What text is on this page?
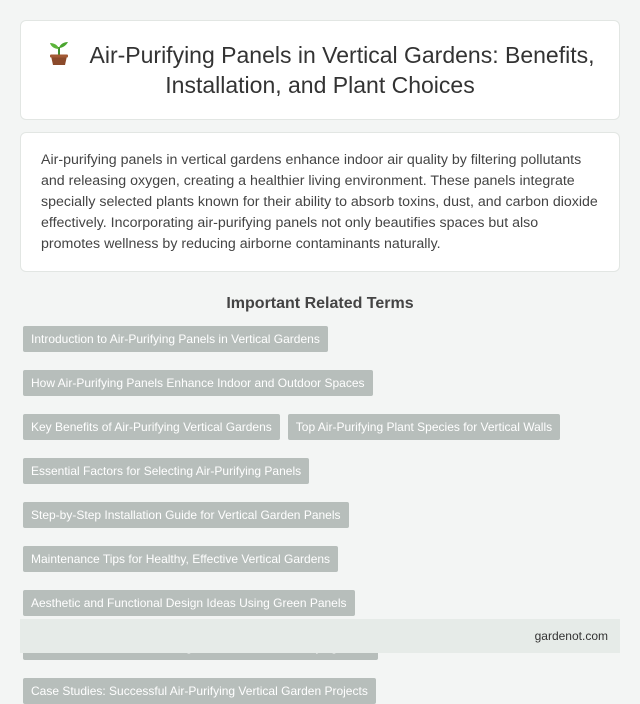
Air-Purifying Panels in Vertical Gardens: Benefits, Installation, and Plant Choices

Air-purifying panels in vertical gardens enhance indoor air quality by filtering pollutants and releasing oxygen, creating a healthier living environment. These panels integrate specially selected plants known for their ability to absorb toxins, dust, and carbon dioxide effectively. Incorporating air-purifying panels not only beautifies spaces but also promotes wellness by reducing airborne contaminants naturally.

Important Related Terms
Introduction to Air-Purifying Panels in Vertical Gardens
How Air-Purifying Panels Enhance Indoor and Outdoor Spaces
Key Benefits of Air-Purifying Vertical Gardens	Top Air-Purifying Plant Species for Vertical Walls
Essential Factors for Selecting Air-Purifying Panels
Step-by-Step Installation Guide for Vertical Garden Panels
Maintenance Tips for Healthy, Effective Vertical Gardens
Aesthetic and Functional Design Ideas Using Green Panels
Case Studies: Successful Air-Purifying Vertical Garden Projects
gardenot.com
